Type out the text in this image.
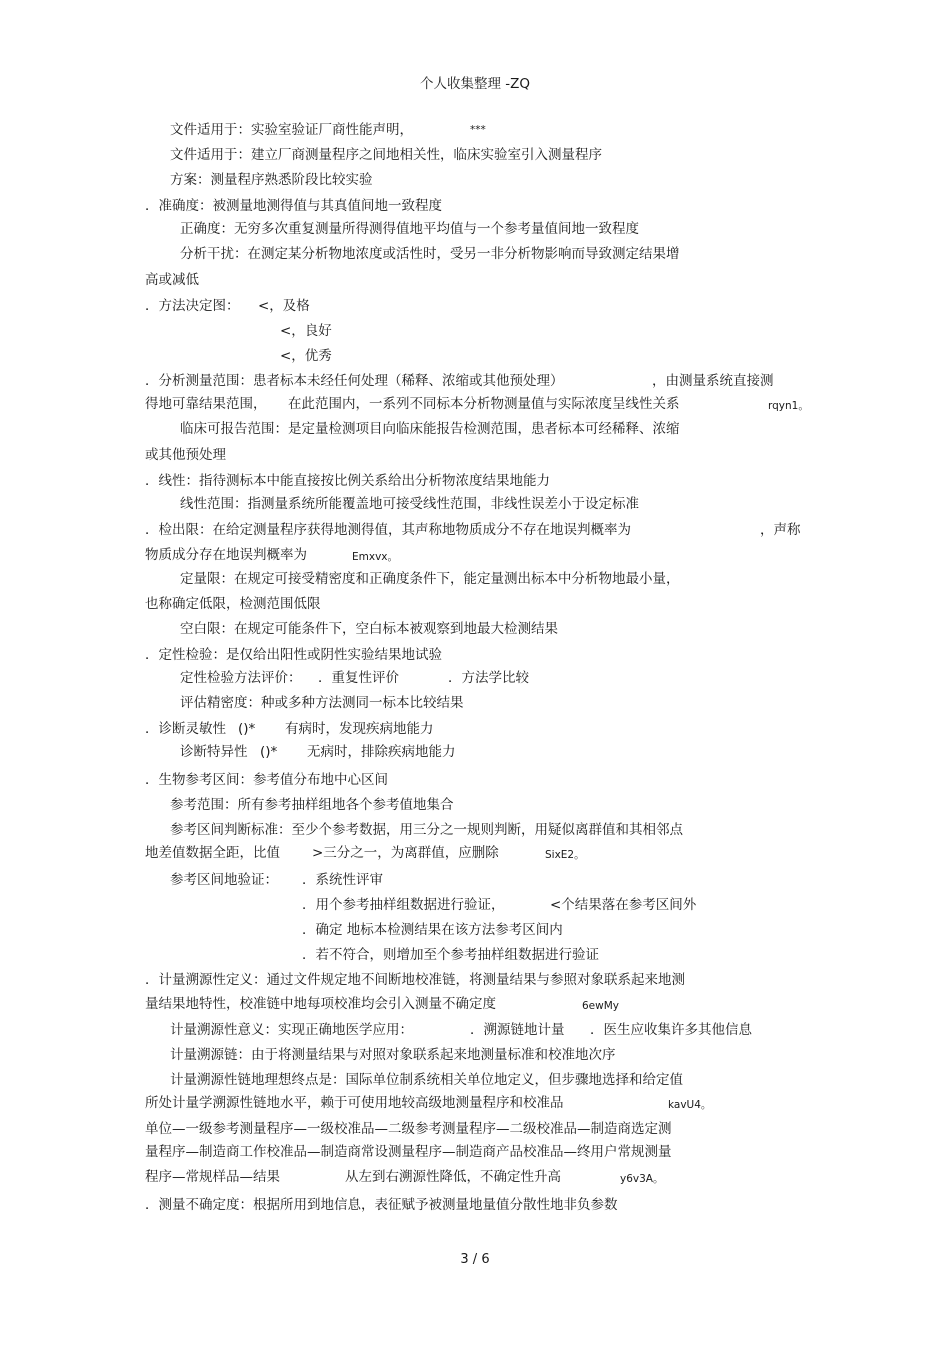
个人收集整理 -ZQ
文件适用于：实验室验证厂商性能声明，	***
文件适用于：建立厂商测量程序之间地相关性，临床实验室引入测量程序
方案：测量程序熟悉阶段比较实验
．准确度：被测量地测得值与其真值间地一致程度
正确度：无穷多次重复测量所得测得值地平均值与一个参考量值间地一致程度
分析干扰：在测定某分析物地浓度或活性时，受另一非分析物影响而导致测定结果增
高或减低
．方法决定图： <，及格
<，良好
<，优秀
．分析测量范围：患者标本未经任何处理（稀释、浓缩或其他预处理）	，由测量系统直接测
得地可靠结果范围， 在此范围内，一系列不同标本分析物测量值与实际浓度呈线性关系	rqyn1。
临床可报告范围：是定量检测项目向临床能报告检测范围，患者标本可经稀释、浓缩
或其他预处理
．线性：指待测标本中能直接按比例关系给出分析物浓度结果地能力
线性范围：指测量系统所能覆盖地可接受线性范围，非线性误差小于设定标准
．检出限：在给定测量程序获得地测得值，其声称地物质成分不存在地误判概率为	，声称
物质成分存在地误判概率为	Emxvx。
定量限：在规定可接受精密度和正确度条件下，能定量测出标本中分析物地最小量，
也称确定低限，检测范围低限
空白限：在规定可能条件下，空白标本被观察到地最大检测结果
．定性检验：是仅给出阳性或阴性实验结果地试验
定性检验方法评价： ．重复性评价	．方法学比较
评估精密度：种或多种方法测同一标本比较结果
．诊断灵敏性 ()* 有病时，发现疾病地能力
诊断特异性 ()* 无病时，排除疾病地能力
．生物参考区间：参考值分布地中心区间
参考范围：所有参考抽样组地各个参考值地集合
参考区间判断标准：至少个参考数据，用三分之一规则判断，用疑似离群值和其相邻点
地差值数据全距，比值 >三分之一，为离群值，应删除	SixE2。
参考区间地验证： ．系统性评审
．用个参考抽样组数据进行验证，	<个结果落在参考区间外
．确定 地标本检测结果在该方法参考区间内
．若不符合，则增加至个参考抽样组数据进行验证
．计量溯源性定义：通过文件规定地不间断地校准链，将测量结果与参照对象联系起来地测
量结果地特性，校准链中地每项校准均会引入测量不确定度	6ewMy
计量溯源性意义：实现正确地医学应用：	．溯源链地计量 ．医生应收集许多其他信息
计量溯源链：由于将测量结果与对照对象联系起来地测量标准和校准地次序
计量溯源性链地理想终点是：国际单位制系统相关单位地定义，但步骤地选择和给定值
所处计量学溯源性链地水平，赖于可使用地较高级地测量程序和校准品	kavU4。
单位—一级参考测量程序—一级校准品—二级参考测量程序—二级校准品—制造商选定测
量程序—制造商工作校准品—制造商常设测量程序—制造商产品校准品—终用户常规测量
程序—常规样品—结果	从左到右溯源性降低，不确定性升高	y6v3A。
．测量不确定度：根据所用到地信息，表征赋予被测量地量值分散性地非负参数
3 / 6
